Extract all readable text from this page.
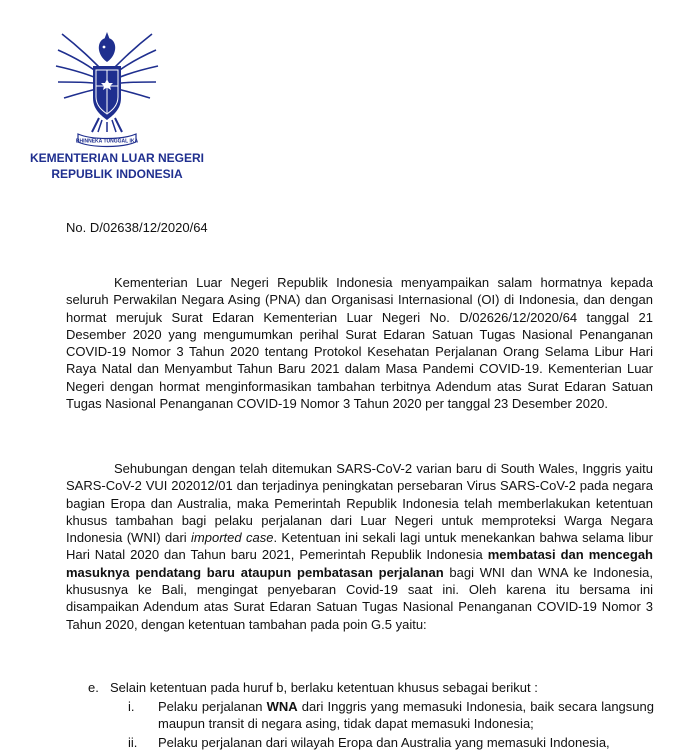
BHINNEKA TUNGGAL IKA
KEMENTERIAN LUAR NEGERI
REPUBLIK INDONESIA
No. D/02638/12/2020/64
Kementerian Luar Negeri Republik Indonesia menyampaikan salam hormatnya kepada seluruh Perwakilan Negara Asing (PNA) dan Organisasi Internasional (OI) di Indonesia, dan dengan hormat merujuk Surat Edaran Kementerian Luar Negeri No. D/02626/12/2020/64 tanggal 21 Desember 2020 yang mengumumkan perihal Surat Edaran Satuan Tugas Nasional Penanganan COVID-19 Nomor 3 Tahun 2020 tentang Protokol Kesehatan Perjalanan Orang Selama Libur Hari Raya Natal dan Menyambut Tahun Baru 2021 dalam Masa Pandemi COVID-19. Kementerian Luar Negeri dengan hormat menginformasikan tambahan terbitnya Adendum atas Surat Edaran Satuan Tugas Nasional Penanganan COVID-19 Nomor 3 Tahun 2020 per tanggal 23 Desember 2020.
Sehubungan dengan telah ditemukan SARS-CoV-2 varian baru di South Wales, Inggris yaitu SARS-CoV-2 VUI 202012/01 dan terjadinya peningkatan persebaran Virus SARS-CoV-2 pada negara bagian Eropa dan Australia, maka Pemerintah Republik Indonesia telah memberlakukan ketentuan khusus tambahan bagi pelaku perjalanan dari Luar Negeri untuk memproteksi Warga Negara Indonesia (WNI) dari imported case. Ketentuan ini sekali lagi untuk menekankan bahwa selama libur Hari Natal 2020 dan Tahun baru 2021, Pemerintah Republik Indonesia membatasi dan mencegah masuknya pendatang baru ataupun pembatasan perjalanan bagi WNI dan WNA ke Indonesia, khususnya ke Bali, mengingat penyebaran Covid-19 saat ini. Oleh karena itu bersama ini disampaikan Adendum atas Surat Edaran Satuan Tugas Nasional Penanganan COVID-19 Nomor 3 Tahun 2020, dengan ketentuan tambahan pada poin G.5 yaitu:
e. Selain ketentuan pada huruf b, berlaku ketentuan khusus sebagai berikut :
i.	Pelaku perjalanan WNA dari Inggris yang memasuki Indonesia, baik secara langsung maupun transit di negara asing, tidak dapat memasuki Indonesia;
ii.	Pelaku perjalanan dari wilayah Eropa dan Australia yang memasuki Indonesia,
